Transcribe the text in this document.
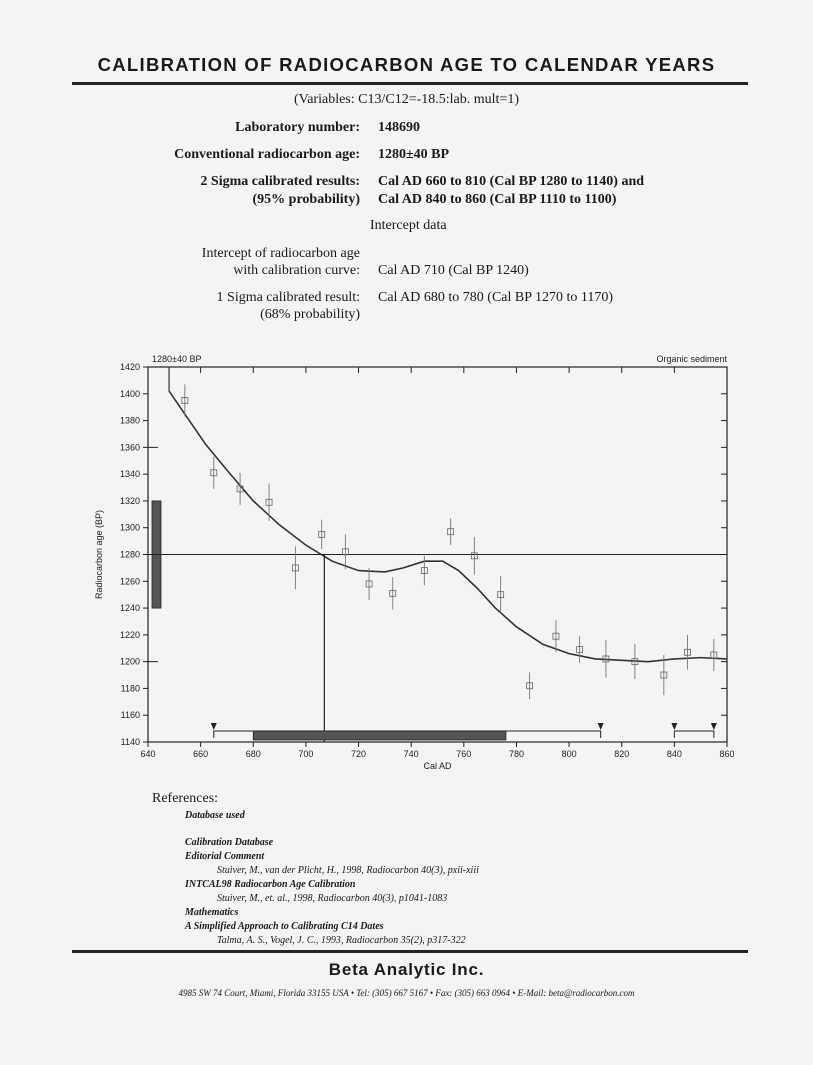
CALIBRATION OF RADIOCARBON AGE TO CALENDAR YEARS
(Variables: C13/C12=-18.5:lab. mult=1)
Laboratory number: 148690
Conventional radiocarbon age: 1280±40 BP
2 Sigma calibrated results: Cal AD 660 to 810 (Cal BP 1280 to 1140) and
(95% probability) Cal AD 840 to 860 (Cal BP 1110 to 1100)
Intercept data
Intercept of radiocarbon age
with calibration curve: Cal AD 710 (Cal BP 1240)
1 Sigma calibrated result: Cal AD 680 to 780 (Cal BP 1270 to 1170)
(68% probability)
1280±40 BP	Organic sediment
1140
1160
1180
1200
1220
1240
1260
1280
1300
1320
1340
1360
1380
1400
1420
640	660	680	700	720	740	760	780	800	820	840	860
Cal AD
Radiocarbon age (BP)
References:
Database used
Calibration Database
Editorial Comment
Stuiver, M., van der Plicht, H., 1998, Radiocarbon 40(3), pxii-xiii
INTCAL98 Radiocarbon Age Calibration
Stuiver, M., et. al., 1998, Radiocarbon 40(3), p1041-1083
Mathematics
A Simplified Approach to Calibrating C14 Dates
Talma, A. S., Vogel, J. C., 1993, Radiocarbon 35(2), p317-322
Beta Analytic Inc.
4985 SW 74 Court, Miami, Florida 33155 USA • Tel: (305) 667 5167 • Fax: (305) 663 0964 • E-Mail: beta@radiocarbon.com
